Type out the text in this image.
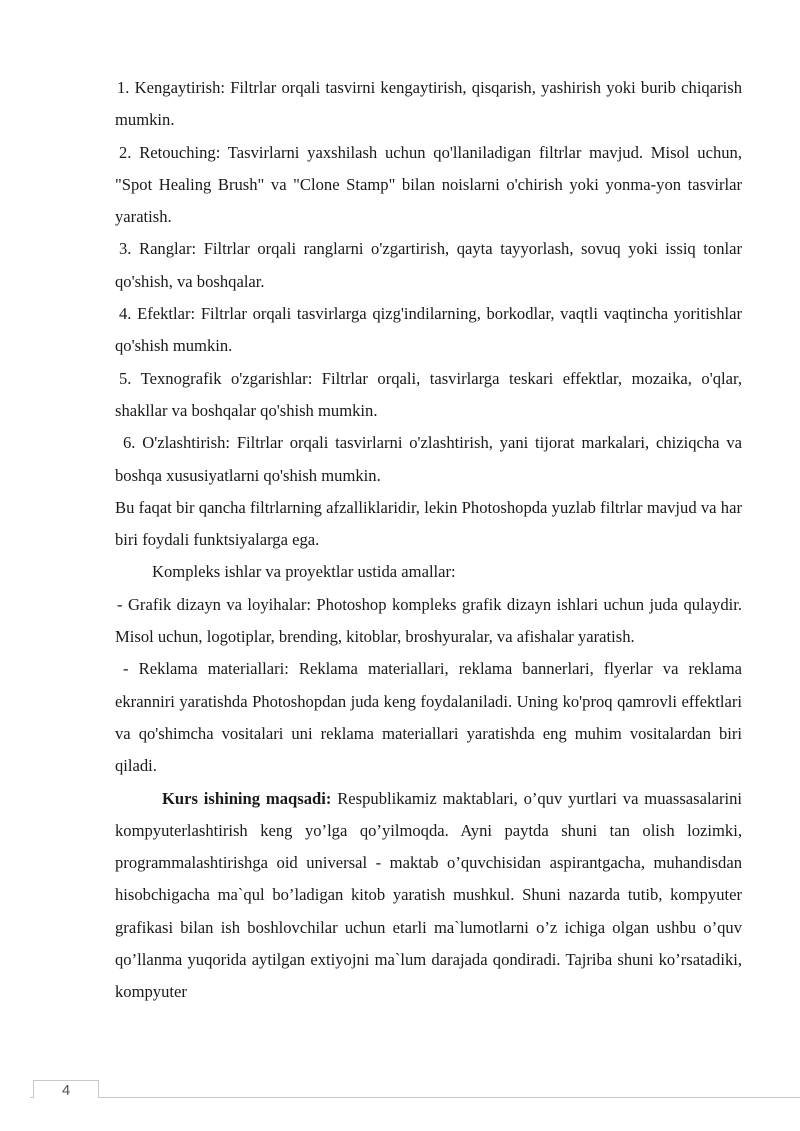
1. Kengaytirish: Filtrlar orqali tasvirni kengaytirish, qisqarish, yashirish yoki burib chiqarish mumkin.

2. Retouching: Tasvirlarni yaxshilash uchun qo'llaniladigan filtrlar mavjud. Misol uchun, "Spot Healing Brush" va "Clone Stamp" bilan noislarni o'chirish yoki yonma-yon tasvirlar yaratish.

3. Ranglar: Filtrlar orqali ranglarni o'zgartirish, qayta tayyorlash, sovuq yoki issiq tonlar qo'shish, va boshqalar.

4. Efektlar: Filtrlar orqali tasvirlarga qizg'indilarning, borkodlar, vaqtli vaqtincha yoritishlar qo'shish mumkin.

5. Texnografik o'zgarishlar: Filtrlar orqali, tasvirlarga teskari effektlar, mozaika, o'qlar, shakllar va boshqalar qo'shish mumkin.

6. O'zlashtirish: Filtrlar orqali tasvirlarni o'zlashtirish, yani tijorat markalari, chiziqcha va boshqa xususiyatlarni qo'shish mumkin.

Bu faqat bir qancha filtrlarning afzalliklaridir, lekin Photoshopda yuzlab filtrlar mavjud va har biri foydali funktsiyalarga ega.

Kompleks ishlar va proyektlar ustida amallar:

- Grafik dizayn va loyihalar: Photoshop kompleks grafik dizayn ishlari uchun juda qulaydir. Misol uchun, logotiplar, brending, kitoblar, broshyuralar, va afishalar yaratish.

- Reklama materiallari: Reklama materiallari, reklama bannerlari, flyerlar va reklama ekranniri yaratishda Photoshopdan juda keng foydalaniladi. Uning ko'proq qamrovli effektlari va qo'shimcha vositalari uni reklama materiallari yaratishda eng muhim vositalardan biri qiladi.

Kurs ishining maqsadi: Respublikamiz maktablari, o’quv yurtlari va muassasalarini kompyuterlashtirish keng yo’lga qo’yilmoqda. Ayni paytda shuni tan olish lozimki, programmalashtirishga oid universal - maktab o’quvchisidan aspirantgacha, muhandisdan hisobchigacha ma`qul bo’ladigan kitob yaratish mushkul. Shuni nazarda tutib, kompyuter grafikasi bilan ish boshlovchilar uchun etarli ma`lumotlarni o’z ichiga olgan ushbu o’quv qo’llanma yuqorida aytilgan extiyojni ma`lum darajada qondiradi. Tajriba shuni ko’rsatadiki, kompyuter

4
